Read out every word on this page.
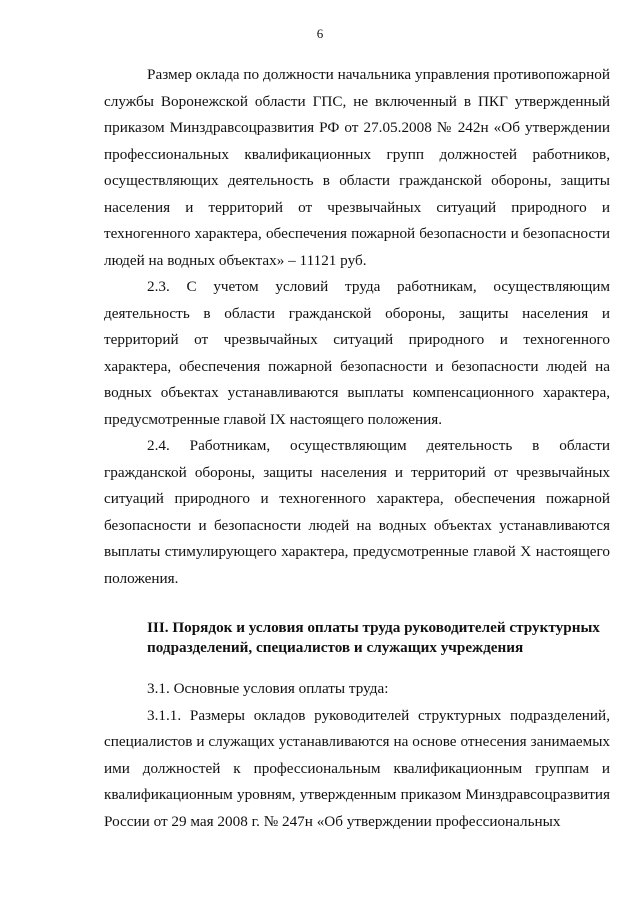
6

Размер оклада по должности начальника управления противопожарной службы Воронежской области ГПС, не включенный в ПКГ утвержденный приказом Минздравсоцразвития РФ от 27.05.2008 № 242н «Об утверждении профессиональных квалификационных групп должностей работников, осуществляющих деятельность в области гражданской обороны, защиты населения и территорий от чрезвычайных ситуаций природного и техногенного характера, обеспечения пожарной безопасности и безопасности людей на водных объектах» – 11121 руб.

2.3. С учетом условий труда работникам, осуществляющим деятельность в области гражданской обороны, защиты населения и территорий от чрезвычайных ситуаций природного и техногенного характера, обеспечения пожарной безопасности и безопасности людей на водных объектах устанавливаются выплаты компенсационного характера, предусмотренные главой IX настоящего положения.

2.4. Работникам, осуществляющим деятельность в области гражданской обороны, защиты населения и территорий от чрезвычайных ситуаций природного и техногенного характера, обеспечения пожарной безопасности и безопасности людей на водных объектах устанавливаются выплаты стимулирующего характера, предусмотренные главой X настоящего положения.

III. Порядок и условия оплаты труда руководителей структурных

подразделений, специалистов и служащих учреждения

3.1. Основные условия оплаты труда:

3.1.1. Размеры окладов руководителей структурных подразделений, специалистов и служащих устанавливаются на основе отнесения занимаемых ими должностей к профессиональным квалификационным группам и квалификационным уровням, утвержденным приказом Минздравсоцразвития России от 29 мая 2008 г. № 247н «Об утверждении профессиональных
